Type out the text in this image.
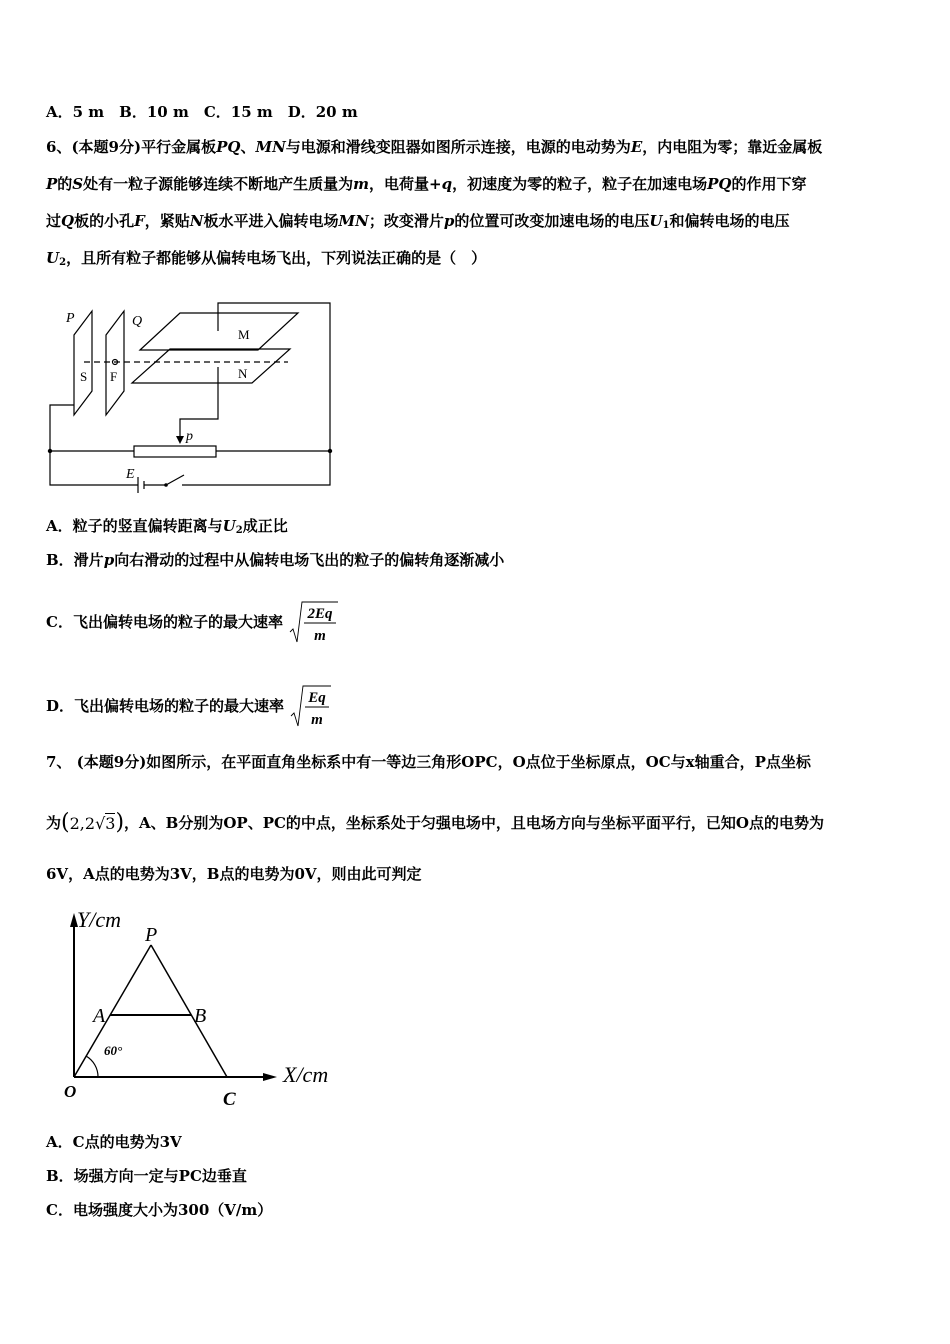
A．5 m　B．10 m　C．15 m　D．20 m
6、(本题9分)平行金属板PQ、MN与电源和滑线变阻器如图所示连接，电源的电动势为E，内电阻为零；靠近金属板
P的S处有一粒子源能够连续不断地产生质量为m，电荷量+q，初速度为零的粒子，粒子在加速电场PQ的作用下穿
过Q板的小孔F，紧贴N板水平进入偏转电场MN；改变滑片p的位置可改变加速电场的电压$U_1$和偏转电场的电压
$U_2$，且所有粒子都能够从偏转电场飞出，下列说法正确的是（　）
P	Q
S F
M
N
p
E
A．粒子的竖直偏转距离与$U_2$成正比
B．滑片p向右滑动的过程中从偏转电场飞出的粒子的偏转角逐渐减小
C．飞出偏转电场的粒子的最大速率 2Eq
m
D．飞出偏转电场的粒子的最大速率 Eq
m
7、 (本题9分)如图所示，在平面直角坐标系中有一等边三角形OPC，O点位于坐标原点，OC与x轴重合，P点坐标
为(2,2√3)，A、B分别为OP、PC的中点，坐标系处于匀强电场中，且电场方向与坐标平面平行，已知O点的电势为
6V，A点的电势为3V，B点的电势为0V，则由此可判定
Y/cm
X/cm
P
A	B
60°
O	C
A．C点的电势为3V
B．场强方向一定与PC边垂直
C．电场强度大小为300（V/m）
